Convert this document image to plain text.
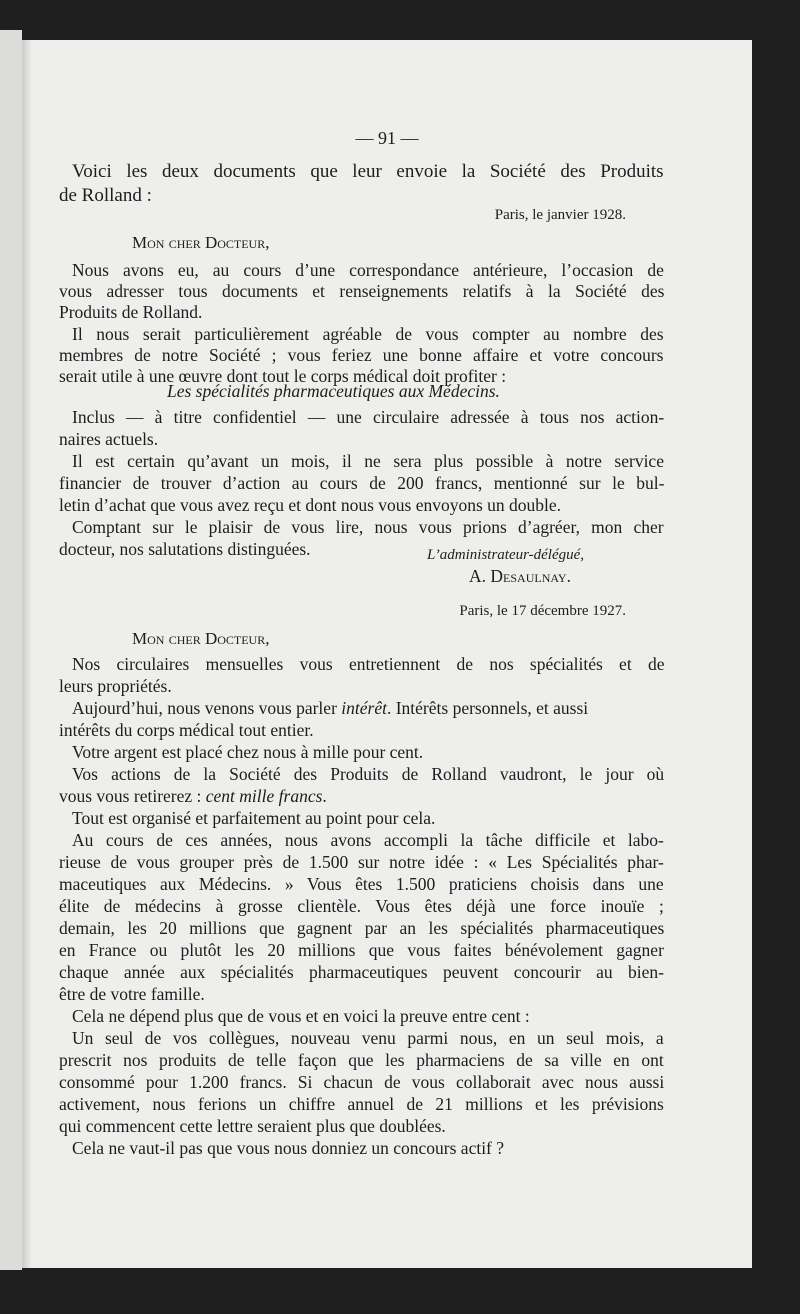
— 91 —
Voici les deux documents que leur envoie la Société des Produits
de Rolland :
Paris, le janvier 1928.
Mon cher Docteur,
Nous avons eu, au cours d’une correspondance antérieure, l’occasion de
vous adresser tous documents et renseignements relatifs à la Société des
Produits de Rolland.
Il nous serait particulièrement agréable de vous compter au nombre des
membres de notre Société ; vous feriez une bonne affaire et votre concours
serait utile à une œuvre dont tout le corps médical doit profiter :
Les spécialités pharmaceutiques aux Médecins.
Inclus — à titre confidentiel — une circulaire adressée à tous nos action-
naires actuels.
Il est certain qu’avant un mois, il ne sera plus possible à notre service
financier de trouver d’action au cours de 200 francs, mentionné sur le bul-
letin d’achat que vous avez reçu et dont nous vous envoyons un double.
Comptant sur le plaisir de vous lire, nous vous prions d’agréer, mon cher
docteur, nos salutations distinguées.	L’administrateur-délégué,
A. Desaulnay.
Paris, le 17 décembre 1927.
Mon cher Docteur,
Nos circulaires mensuelles vous entretiennent de nos spécialités et de
leurs propriétés.
Aujourd’hui, nous venons vous parler intérêt. Intérêts personnels, et aussi
intérêts du corps médical tout entier.
Votre argent est placé chez nous à mille pour cent.
Vos actions de la Société des Produits de Rolland vaudront, le jour où
vous vous retirerez : cent mille francs.
Tout est organisé et parfaitement au point pour cela.
Au cours de ces années, nous avons accompli la tâche difficile et labo-
rieuse de vous grouper près de 1.500 sur notre idée : « Les Spécialités phar-
maceutiques aux Médecins. » Vous êtes 1.500 praticiens choisis dans une
élite de médecins à grosse clientèle. Vous êtes déjà une force inouïe ;
demain, les 20 millions que gagnent par an les spécialités pharmaceutiques
en France ou plutôt les 20 millions que vous faites bénévolement gagner
chaque année aux spécialités pharmaceutiques peuvent concourir au bien-
être de votre famille.
Cela ne dépend plus que de vous et en voici la preuve entre cent :
Un seul de vos collègues, nouveau venu parmi nous, en un seul mois, a
prescrit nos produits de telle façon que les pharmaciens de sa ville en ont
consommé pour 1.200 francs. Si chacun de vous collaborait avec nous aussi
activement, nous ferions un chiffre annuel de 21 millions et les prévisions
qui commencent cette lettre seraient plus que doublées.
Cela ne vaut-il pas que vous nous donniez un concours actif ?
